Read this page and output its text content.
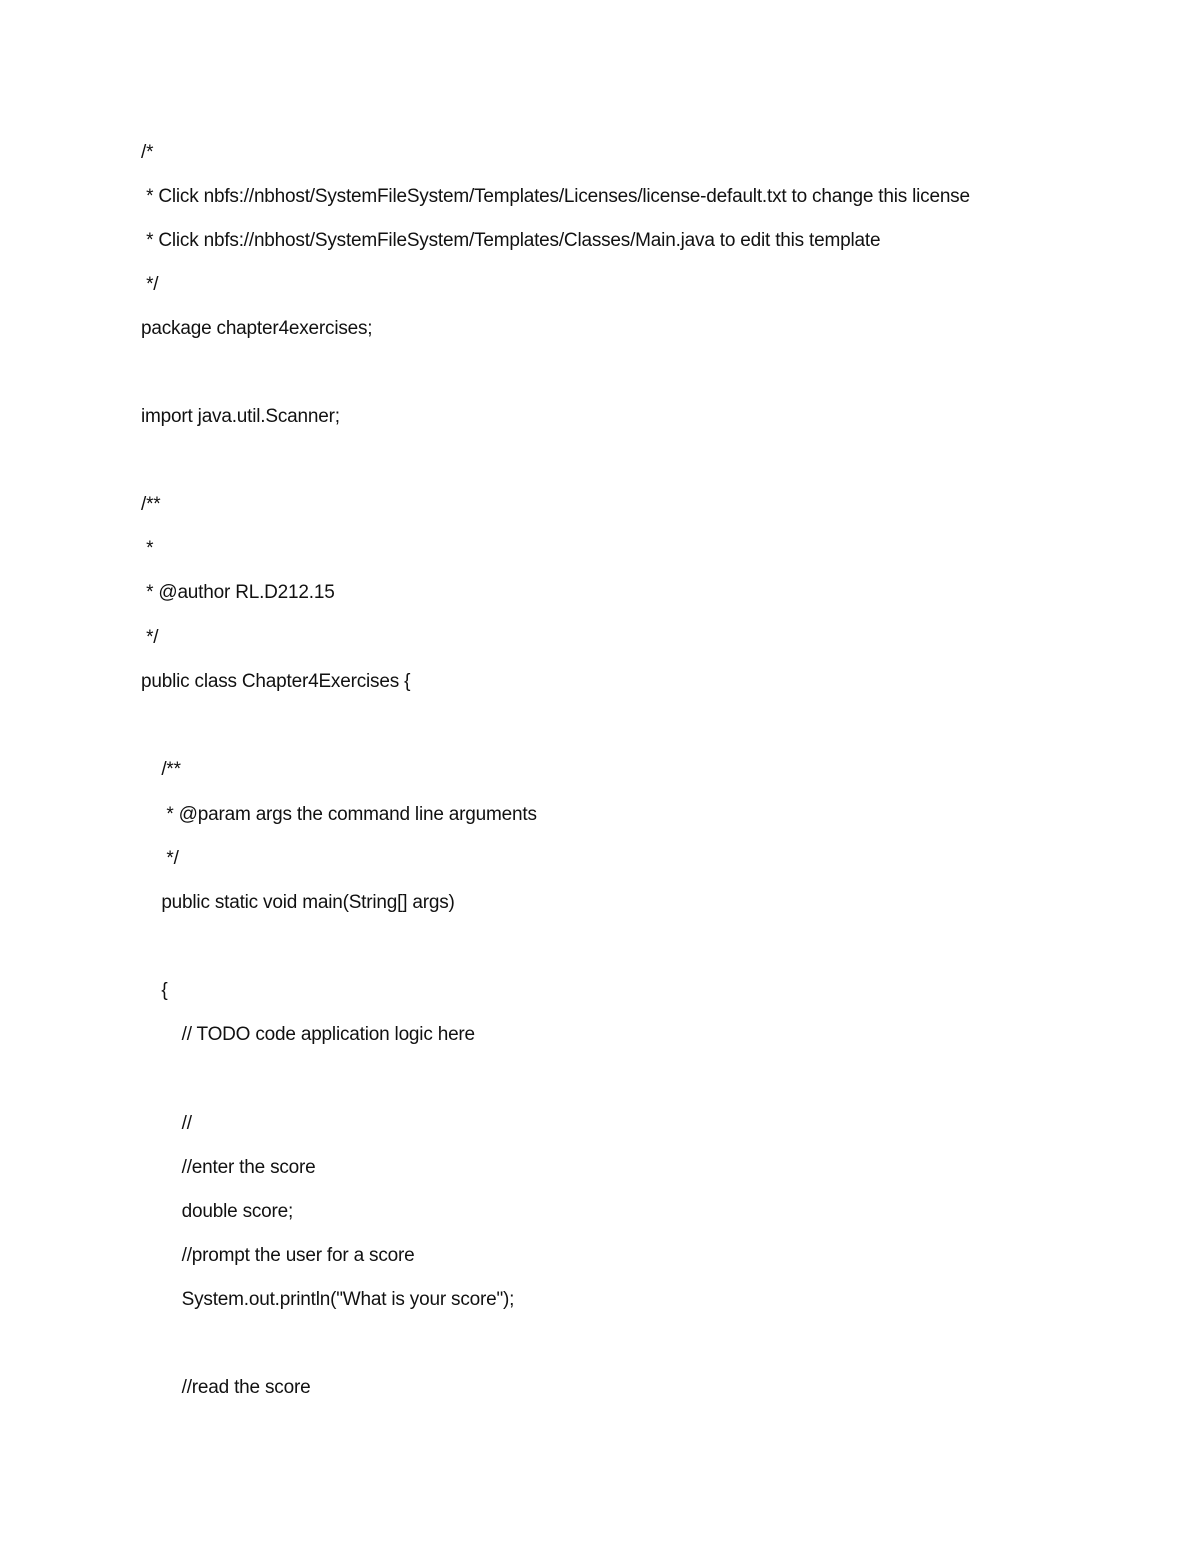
/*

* Click nbfs://nbhost/SystemFileSystem/Templates/Licenses/license-default.txt to change this license

* Click nbfs://nbhost/SystemFileSystem/Templates/Classes/Main.java to edit this template

*/

package chapter4exercises;

import java.util.Scanner;

/**

*

* @author RL.D212.15

*/

public class Chapter4Exercises {

/**

* @param args the command line arguments

*/

public static void main(String[] args)

{

// TODO code application logic here

//

//enter the score

double score;

//prompt the user for a score

System.out.println("What is your score");

//read the score
